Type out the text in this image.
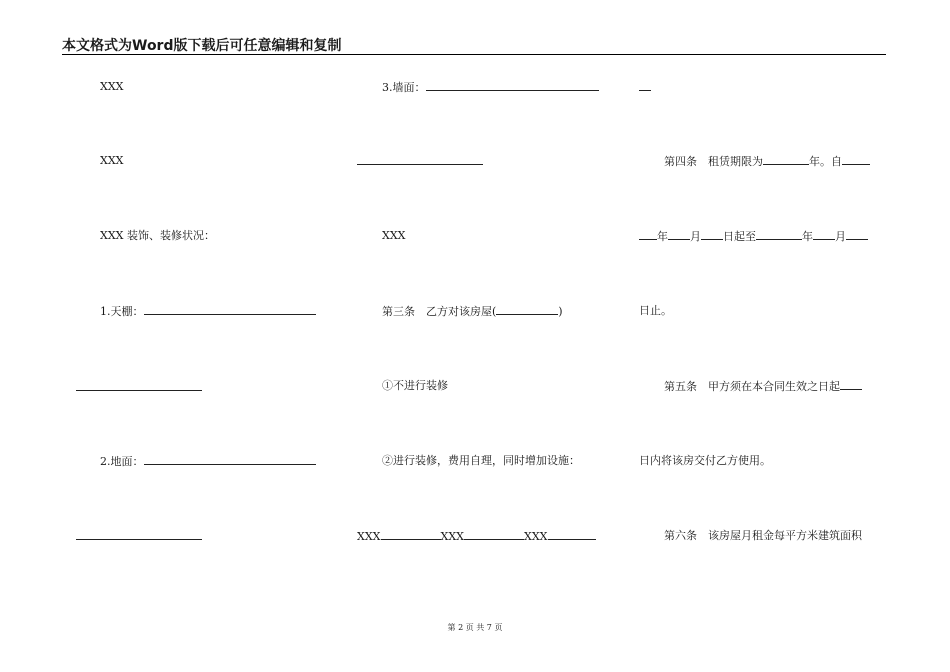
本文格式为Word版下载后可任意编辑和复制
XXX
XXX
XXX 装饰、装修状况：
1.天棚：
2.地面：
3.墙面：
XXX
第三条　乙方对该房屋(	)
①不进行装修
②进行装修，费用自理，同时增加设施：
XXX	XXX	XXX
第四条　租赁期限为	年。自
年 月 日起至	年 月
日止。
第五条　甲方须在本合同生效之日起
日内将该房交付乙方使用。
第六条　该房屋月租金每平方米建筑面积
第 2 页 共 7 页
